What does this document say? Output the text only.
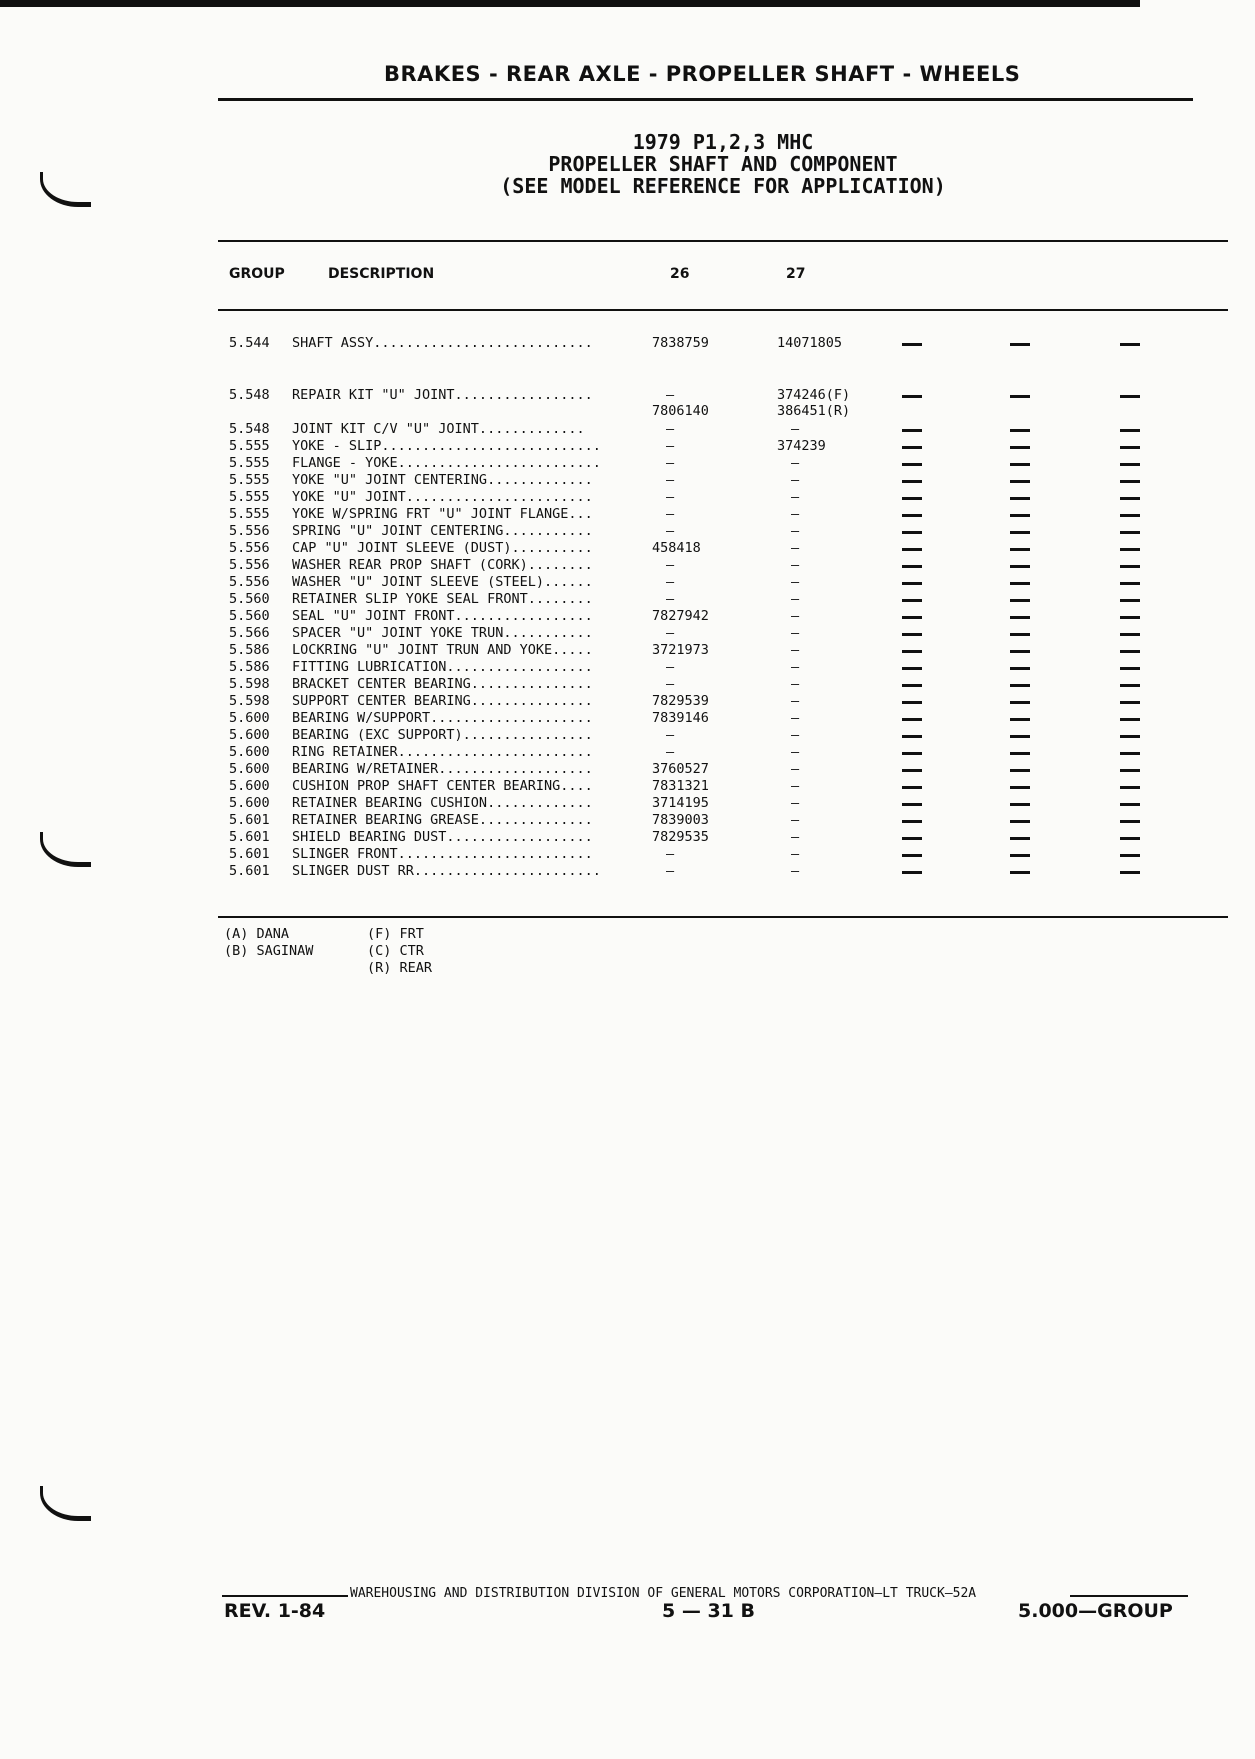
BRAKES - REAR AXLE - PROPELLER SHAFT - WHEELS
1979 P1,2,3 MHC
PROPELLER SHAFT AND COMPONENT
(SEE MODEL REFERENCE FOR APPLICATION)
GROUP	DESCRIPTION	26	27
5.544 SHAFT ASSY...........................	7838759	14071805
5.548 REPAIR KIT "U" JOINT.................	—	374246(F)
7806140	386451(R)
5.548 JOINT KIT C/V "U" JOINT.............	—	—
5.555 YOKE - SLIP...........................	—	374239
5.555 FLANGE - YOKE.........................	—	—
5.555 YOKE "U" JOINT CENTERING.............	—	—
5.555 YOKE "U" JOINT.......................	—	—
5.555 YOKE W/SPRING FRT "U" JOINT FLANGE...	—	—
5.556 SPRING "U" JOINT CENTERING...........	—	—
5.556 CAP "U" JOINT SLEEVE (DUST)..........	458418	—
5.556 WASHER REAR PROP SHAFT (CORK)........	—	—
5.556 WASHER "U" JOINT SLEEVE (STEEL)......	—	—
5.560 RETAINER SLIP YOKE SEAL FRONT........	—	—
5.560 SEAL "U" JOINT FRONT.................	7827942	—
5.566 SPACER "U" JOINT YOKE TRUN...........	—	—
5.586 LOCKRING "U" JOINT TRUN AND YOKE.....	3721973	—
5.586 FITTING LUBRICATION..................	—	—
5.598 BRACKET CENTER BEARING...............	—	—
5.598 SUPPORT CENTER BEARING...............	7829539	—
5.600 BEARING W/SUPPORT....................	7839146	—
5.600 BEARING (EXC SUPPORT)................	—	—
5.600 RING RETAINER........................	—	—
5.600 BEARING W/RETAINER...................	3760527	—
5.600 CUSHION PROP SHAFT CENTER BEARING....	7831321	—
5.600 RETAINER BEARING CUSHION.............	3714195	—
5.601 RETAINER BEARING GREASE..............	7839003	—
5.601 SHIELD BEARING DUST..................	7829535	—
5.601 SLINGER FRONT........................	—	—
5.601 SLINGER DUST RR.......................	—	—
(A) DANA
(B) SAGINAW
(F) FRT
(C) CTR
(R) REAR
WAREHOUSING AND DISTRIBUTION DIVISION OF GENERAL MOTORS CORPORATION—LT TRUCK—52A
REV. 1-84	5 — 31 B	5.000—GROUP
